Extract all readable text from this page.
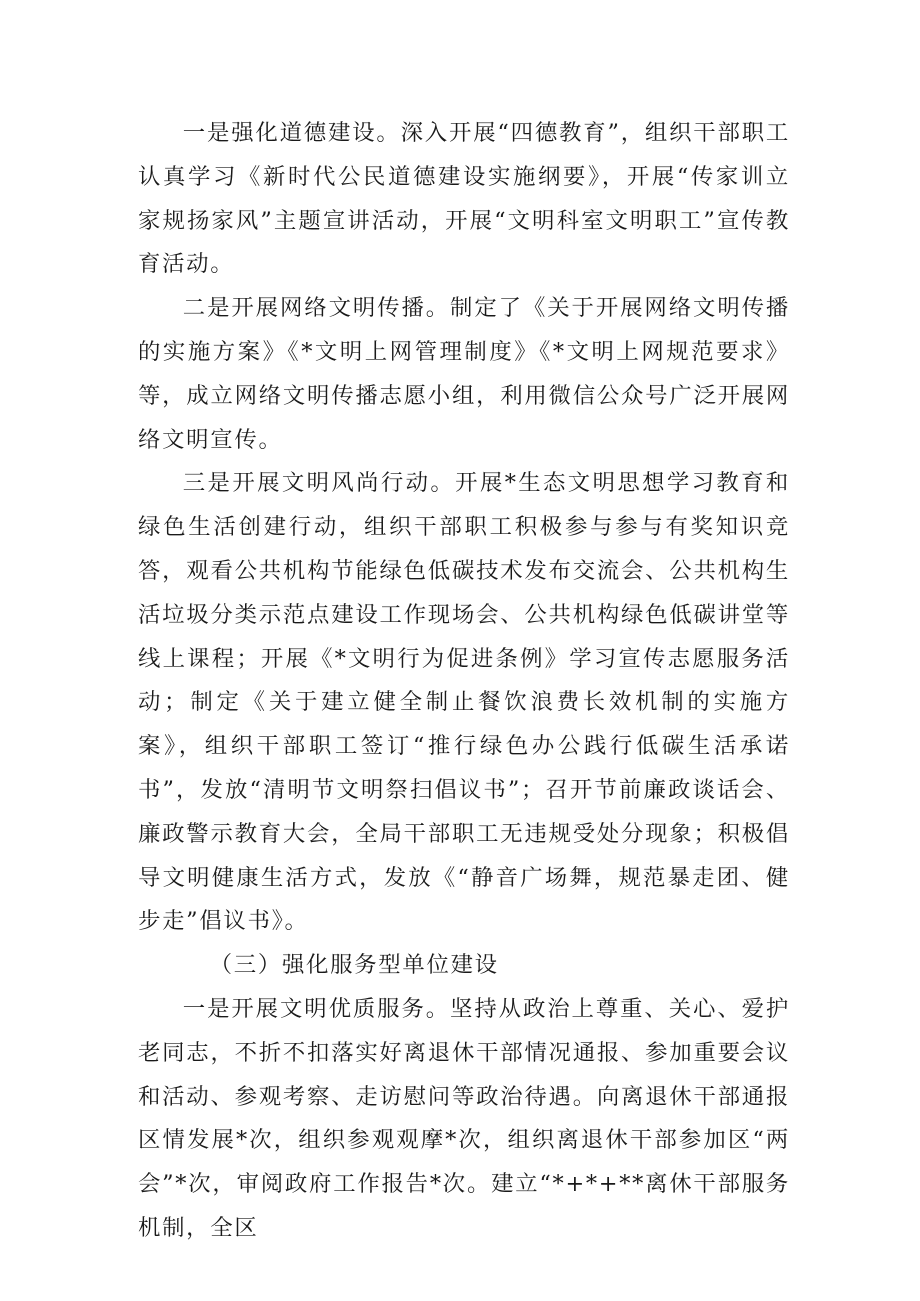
一是强化道德建设。深入开展“四德教育”，组织干部职工认真学习《新时代公民道德建设实施纲要》，开展“传家训立家规扬家风”主题宣讲活动，开展“文明科室文明职工”宣传教育活动。

二是开展网络文明传播。制定了《关于开展网络文明传播的实施方案》《*文明上网管理制度》《*文明上网规范要求》等，成立网络文明传播志愿小组，利用微信公众号广泛开展网络文明宣传。

三是开展文明风尚行动。开展*生态文明思想学习教育和绿色生活创建行动，组织干部职工积极参与参与有奖知识竞答，观看公共机构节能绿色低碳技术发布交流会、公共机构生活垃圾分类示范点建设工作现场会、公共机构绿色低碳讲堂等线上课程；开展《*文明行为促进条例》学习宣传志愿服务活动；制定《关于建立健全制止餐饮浪费长效机制的实施方案》，组织干部职工签订“推行绿色办公践行低碳生活承诺书”，发放“清明节文明祭扫倡议书”；召开节前廉政谈话会、廉政警示教育大会，全局干部职工无违规受处分现象；积极倡导文明健康生活方式，发放《“静音广场舞，规范暴走团、健步走”倡议书》。

（三）强化服务型单位建设

一是开展文明优质服务。坚持从政治上尊重、关心、爱护老同志，不折不扣落实好离退休干部情况通报、参加重要会议和活动、参观考察、走访慰问等政治待遇。向离退休干部通报区情发展*次，组织参观观摩*次，组织离退休干部参加区“两会”*次，审阅政府工作报告*次。建立“*+*+**离休干部服务机制，全区
